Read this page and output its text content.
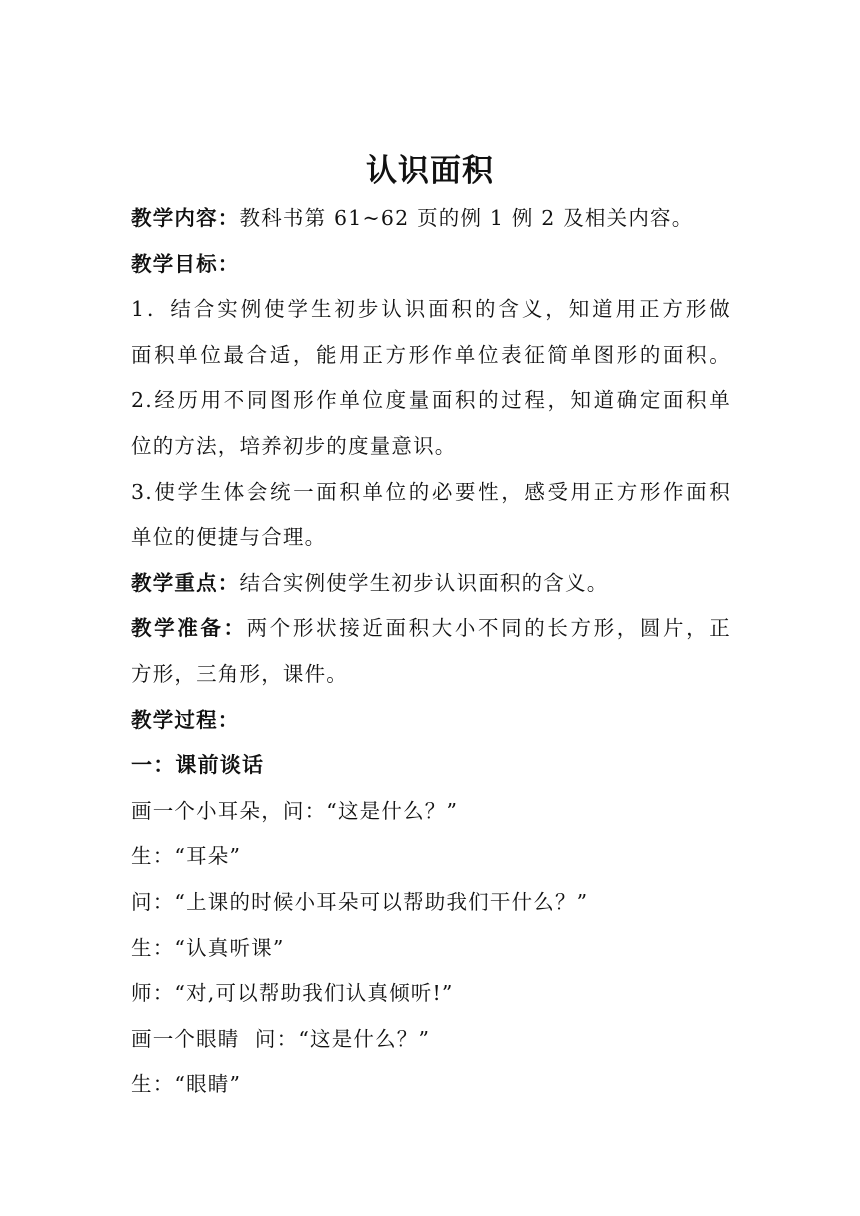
认识面积
教学内容：教科书第 61~62 页的例 1 例 2 及相关内容。
教学目标：
1．结合实例使学生初步认识面积的含义，知道用正方形做
面积单位最合适，能用正方形作单位表征简单图形的面积。
2.经历用不同图形作单位度量面积的过程，知道确定面积单
位的方法，培养初步的度量意识。
3.使学生体会统一面积单位的必要性，感受用正方形作面积
单位的便捷与合理。
教学重点：结合实例使学生初步认识面积的含义。
教学准备：两个形状接近面积大小不同的长方形，圆片，正
方形，三角形，课件。
教学过程：
一：课前谈话
画一个小耳朵，问：“这是什么？”
生：“耳朵”
问：“上课的时候小耳朵可以帮助我们干什么？”
生：“认真听课”
师：“对,可以帮助我们认真倾听!”
画一个眼睛  问：“这是什么？”
生：“眼睛”
